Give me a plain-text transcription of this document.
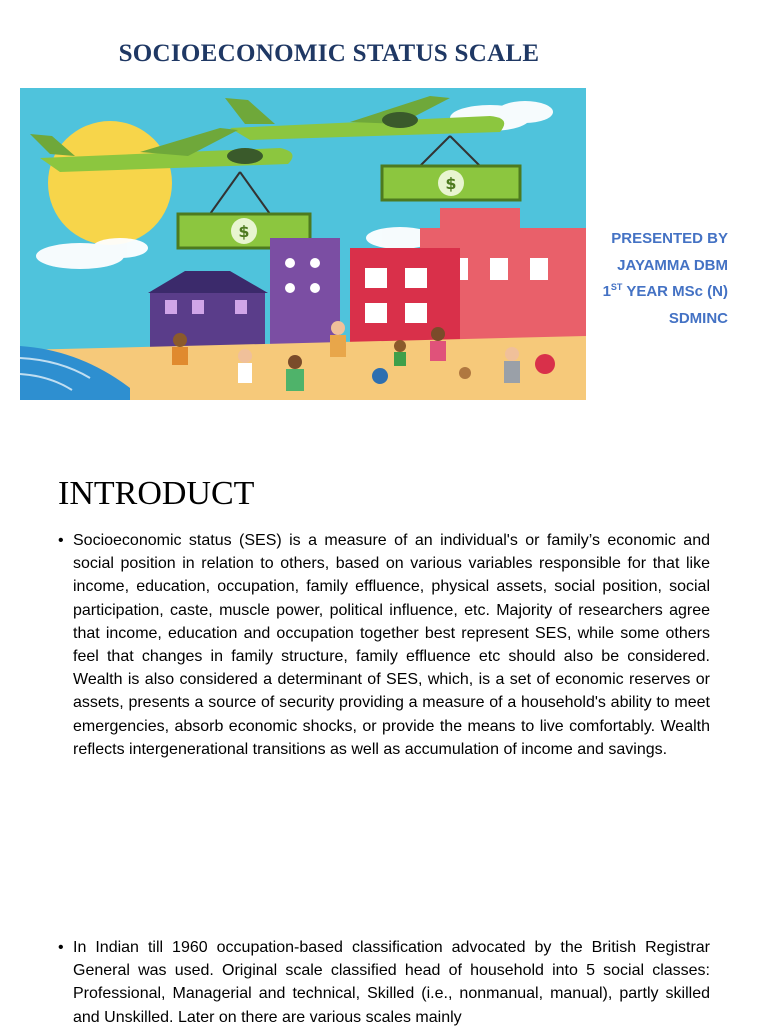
SOCIOECONOMIC STATUS SCALE
$
$	PRESENTED BY
JAYAMMA DBM
1ST YEAR MSc (N)
SDMINC
INTRODUCT
• Socioeconomic status (SES) is a measure of an individual's or family’s economic and social position in relation to others, based on various variables responsible for that like income, education, occupation, family effluence, physical assets, social position, social participation, caste, muscle power, political influence, etc. Majority of researchers agree that income, education and occupation together best represent SES, while some others feel that changes in family structure, family effluence etc should also be considered. Wealth is also considered a determinant of SES, which, is a set of economic reserves or assets, presents a source of security providing a measure of a household's ability to meet emergencies, absorb economic shocks, or provide the means to live comfortably. Wealth reflects intergenerational transitions as well as accumulation of income and savings.
• In Indian till 1960 occupation-based classification advocated by the British Registrar General was used. Original scale classified head of household into 5 social classes: Professional, Managerial and technical, Skilled (i.e., nonmanual, manual), partly skilled and Unskilled. Later on there are various scales mainly
